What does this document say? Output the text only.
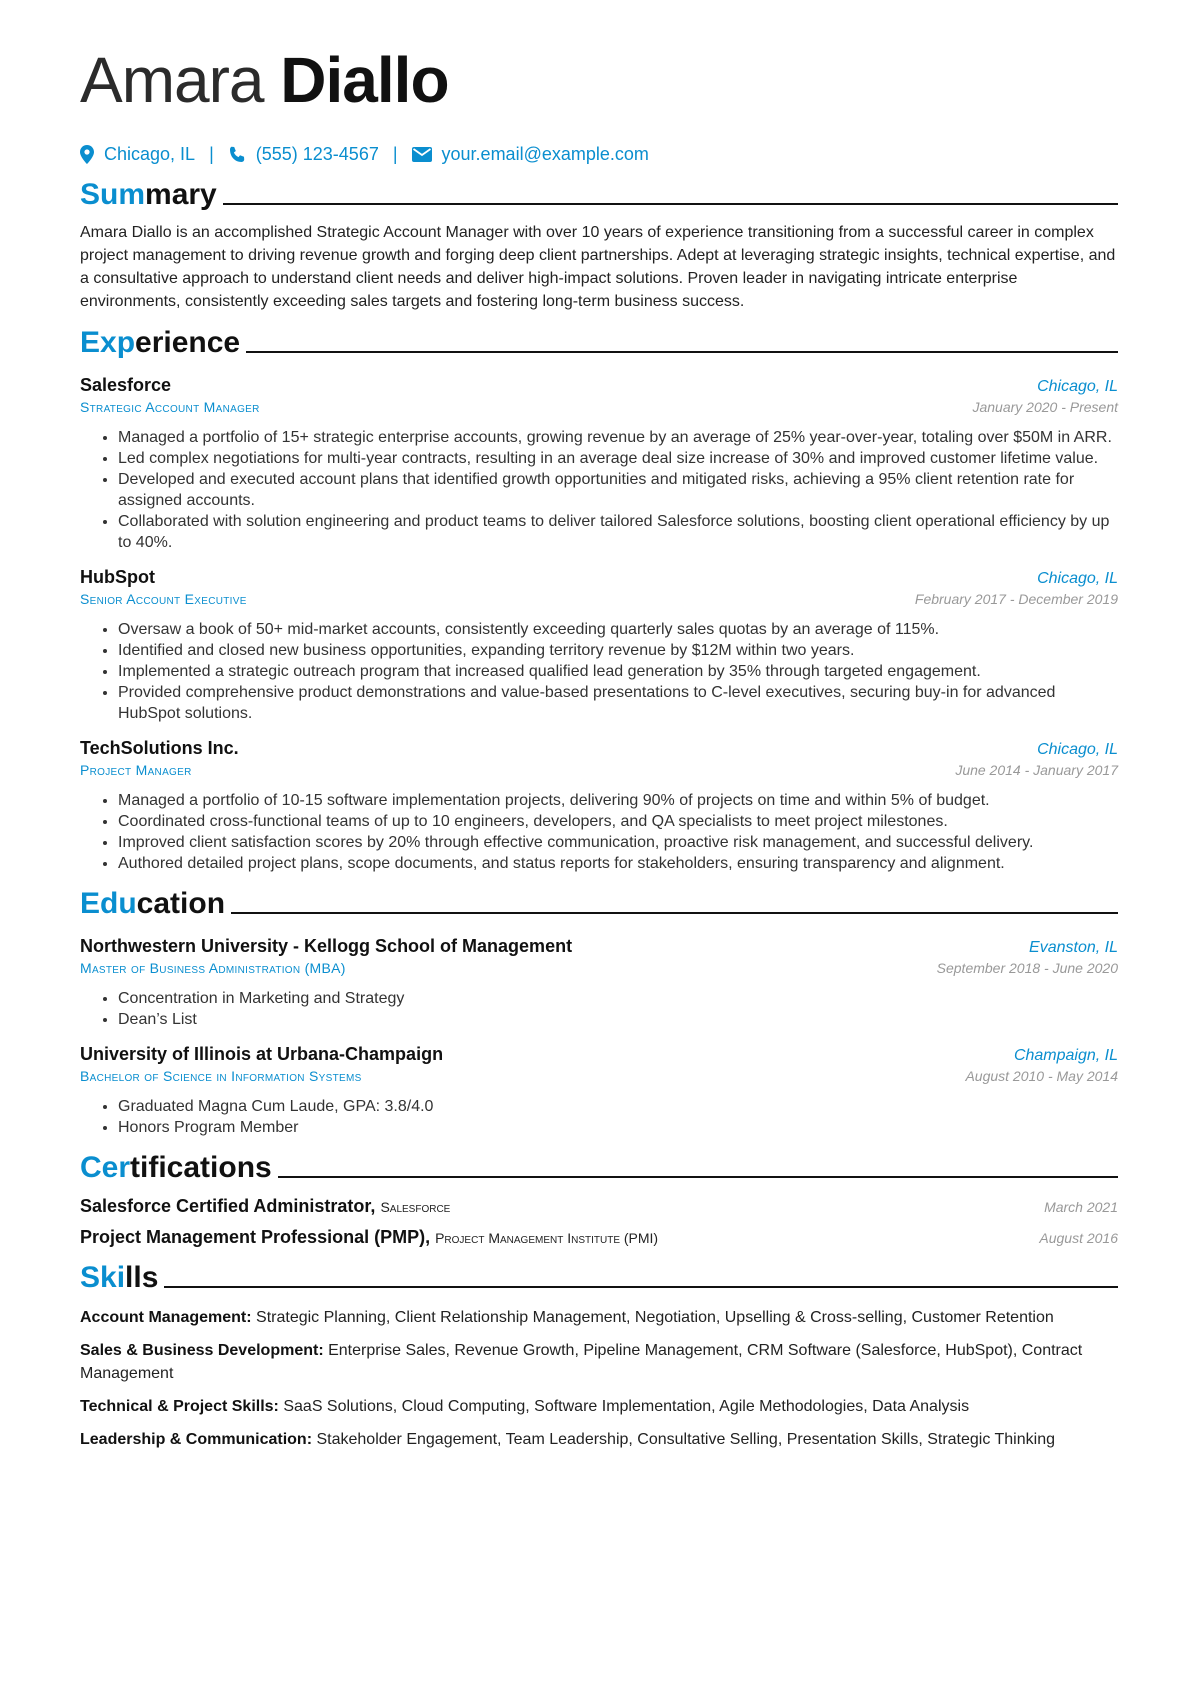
Amara Diallo
Chicago, IL | (555) 123-4567 | your.email@example.com
Summary

Amara Diallo is an accomplished Strategic Account Manager with over 10 years of experience transitioning from a successful career in complex project management to driving revenue growth and forging deep client partnerships. Adept at leveraging strategic insights, technical expertise, and a consultative approach to understand client needs and deliver high-impact solutions. Proven leader in navigating intricate enterprise environments, consistently exceeding sales targets and fostering long-term business success.

Experience
Salesforce	Chicago, IL
Strategic Account Manager	January 2020 - Present
• Managed a portfolio of 15+ strategic enterprise accounts, growing revenue by an average of 25% year-over-year, totaling over $50M in ARR.
• Led complex negotiations for multi-year contracts, resulting in an average deal size increase of 30% and improved customer lifetime value.
• Developed and executed account plans that identified growth opportunities and mitigated risks, achieving a 95% client retention rate for assigned accounts.
• Collaborated with solution engineering and product teams to deliver tailored Salesforce solutions, boosting client operational efficiency by up to 40%.
HubSpot	Chicago, IL
Senior Account Executive	February 2017 - December 2019
• Oversaw a book of 50+ mid-market accounts, consistently exceeding quarterly sales quotas by an average of 115%.
• Identified and closed new business opportunities, expanding territory revenue by $12M within two years.
• Implemented a strategic outreach program that increased qualified lead generation by 35% through targeted engagement.
• Provided comprehensive product demonstrations and value-based presentations to C-level executives, securing buy-in for advanced HubSpot solutions.
TechSolutions Inc.	Chicago, IL
Project Manager	June 2014 - January 2017
• Managed a portfolio of 10-15 software implementation projects, delivering 90% of projects on time and within 5% of budget.
• Coordinated cross-functional teams of up to 10 engineers, developers, and QA specialists to meet project milestones.
• Improved client satisfaction scores by 20% through effective communication, proactive risk management, and successful delivery.
• Authored detailed project plans, scope documents, and status reports for stakeholders, ensuring transparency and alignment.
Education
Northwestern University - Kellogg School of Management	Evanston, IL
Master of Business Administration (MBA)	September 2018 - June 2020
• Concentration in Marketing and Strategy
• Dean’s List
University of Illinois at Urbana-Champaign	Champaign, IL
Bachelor of Science in Information Systems	August 2010 - May 2014
• Graduated Magna Cum Laude, GPA: 3.8/4.0
• Honors Program Member
Certifications
Salesforce Certified Administrator, Salesforce	March 2021
Project Management Professional (PMP), Project Management Institute (PMI)	August 2016
Skills
Account Management: Strategic Planning, Client Relationship Management, Negotiation, Upselling & Cross-selling, Customer Retention
Sales & Business Development: Enterprise Sales, Revenue Growth, Pipeline Management, CRM Software (Salesforce, HubSpot), Contract Management
Technical & Project Skills: SaaS Solutions, Cloud Computing, Software Implementation, Agile Methodologies, Data Analysis
Leadership & Communication: Stakeholder Engagement, Team Leadership, Consultative Selling, Presentation Skills, Strategic Thinking
